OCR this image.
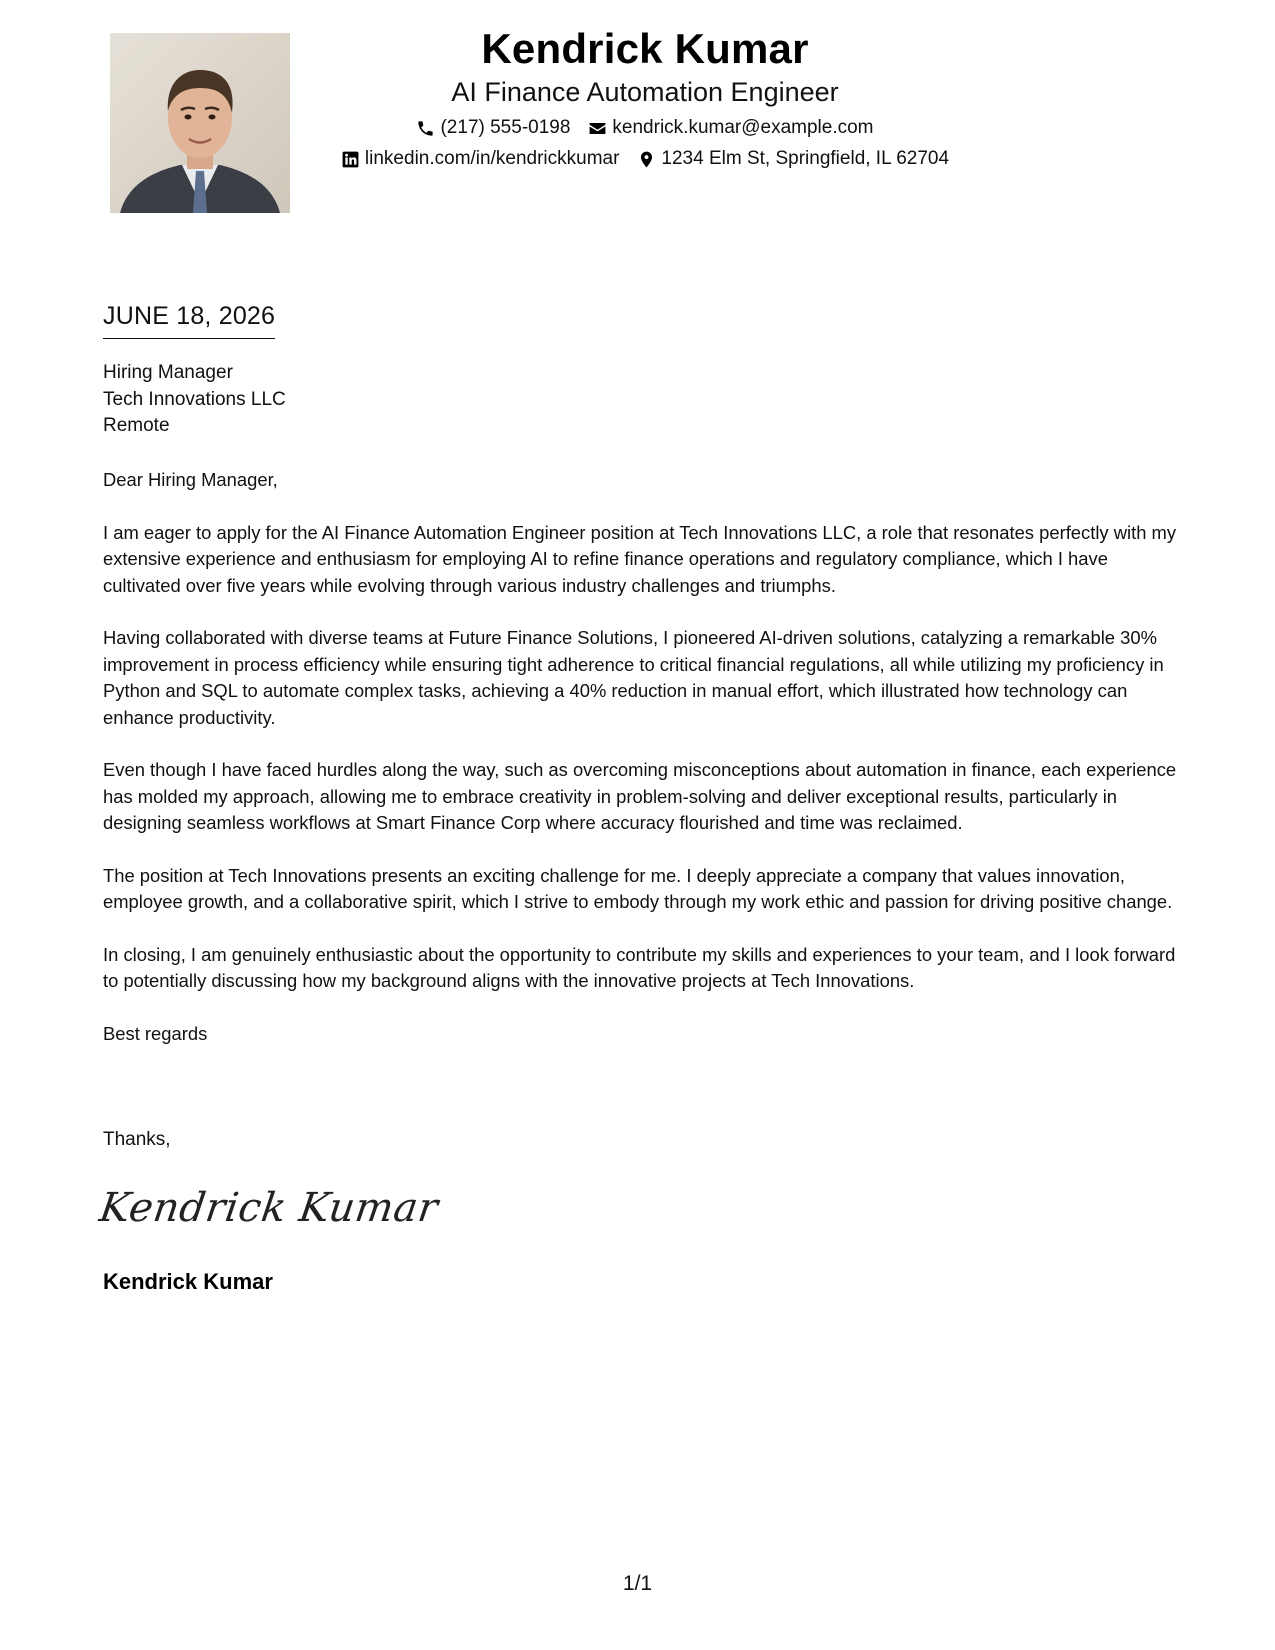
Kendrick Kumar
AI Finance Automation Engineer
(217) 555-0198 kendrick.kumar@example.com
linkedin.com/in/kendrickkumar 1234 Elm St, Springfield, IL 62704
JUNE 18, 2026
Hiring Manager
Tech Innovations LLC
Remote

Dear Hiring Manager,

I am eager to apply for the AI Finance Automation Engineer position at Tech Innovations LLC, a role that resonates perfectly with my extensive experience and enthusiasm for employing AI to refine finance operations and regulatory compliance, which I have cultivated over five years while evolving through various industry challenges and triumphs.

Having collaborated with diverse teams at Future Finance Solutions, I pioneered AI-driven solutions, catalyzing a remarkable 30% improvement in process efficiency while ensuring tight adherence to critical financial regulations, all while utilizing my proficiency in Python and SQL to automate complex tasks, achieving a 40% reduction in manual effort, which illustrated how technology can enhance productivity.

Even though I have faced hurdles along the way, such as overcoming misconceptions about automation in finance, each experience has molded my approach, allowing me to embrace creativity in problem-solving and deliver exceptional results, particularly in designing seamless workflows at Smart Finance Corp where accuracy flourished and time was reclaimed.

The position at Tech Innovations presents an exciting challenge for me. I deeply appreciate a company that values innovation, employee growth, and a collaborative spirit, which I strive to embody through my work ethic and passion for driving positive change.

In closing, I am genuinely enthusiastic about the opportunity to contribute my skills and experiences to your team, and I look forward to potentially discussing how my background aligns with the innovative projects at Tech Innovations.

Best regards

Thanks,
Kendrick Kumar
Kendrick Kumar
1/1
